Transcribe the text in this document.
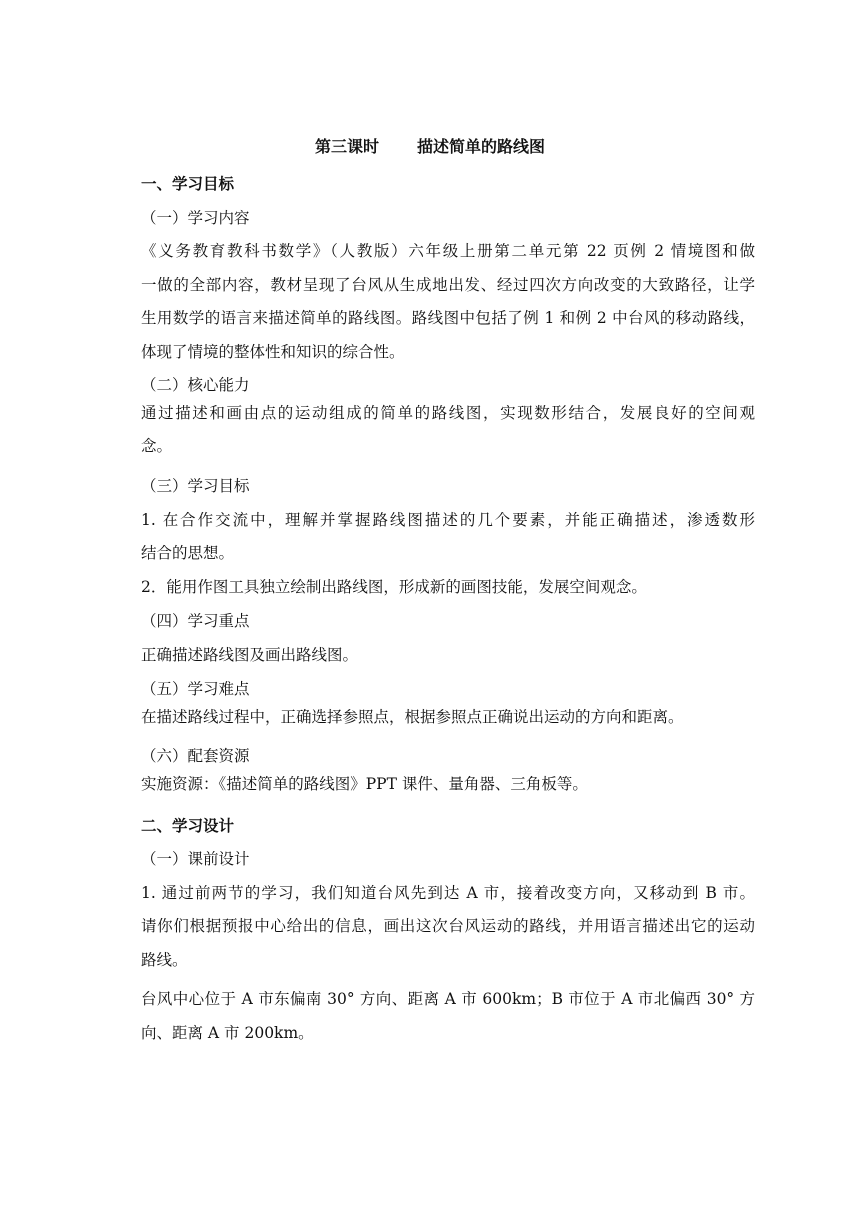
第三课时 描述简单的路线图

一、学习目标

（一）学习内容

《义务教育教科书数学》（人教版）六年级上册第二单元第 22 页例 2 情境图和做

一做的全部内容，教材呈现了台风从生成地出发、经过四次方向改变的大致路径，让学

生用数学的语言来描述简单的路线图。路线图中包括了例 1 和例 2 中台风的移动路线，

体现了情境的整体性和知识的综合性。

（二）核心能力

通过描述和画由点的运动组成的简单的路线图，实现数形结合，发展良好的空间观

念。

（三）学习目标

1. 在合作交流中，理解并掌握路线图描述的几个要素，并能正确描述，渗透数形

结合的思想。

2．能用作图工具独立绘制出路线图，形成新的画图技能，发展空间观念。

（四）学习重点

正确描述路线图及画出路线图。

（五）学习难点

在描述路线过程中，正确选择参照点，根据参照点正确说出运动的方向和距离。

（六）配套资源

实施资源：《描述简单的路线图》PPT 课件、量角器、三角板等。

二、学习设计

（一）课前设计

1. 通过前两节的学习，我们知道台风先到达 A 市，接着改变方向，又移动到 B 市。

请你们根据预报中心给出的信息，画出这次台风运动的路线，并用语言描述出它的运动

路线。

台风中心位于 A 市东偏南 30° 方向、距离 A 市 600km；B 市位于 A 市北偏西 30° 方

向、距离 A 市 200km。
